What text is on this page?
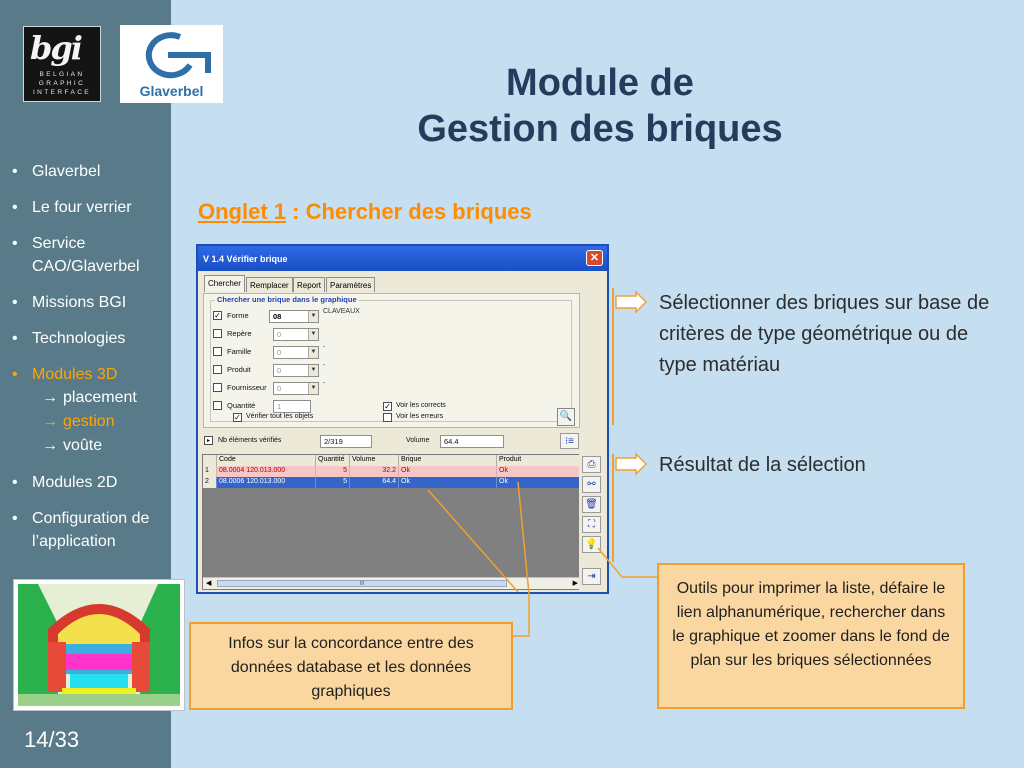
bgi
BELGIAN
GRAPHIC
INTERFACE	Glaverbel
• Glaverbel
• Le four verrier
• Service CAO/Glaverbel
• Missions BGI
• Technologies
• Modules 3D
→ placement
→ gestion
→ voûte
• Modules 2D
• Configuration de l’application
14/33
Module de
Gestion des briques
Onglet 1 : Chercher des briques
V 1.4 Vérifier brique	✕
Chercher	Remplacer	Report	Paramètres
Chercher une brique dans le graphique
✓ Forme	08	▼
CLAVEAUX
Repère	0	▼
Famille	0	▼
-
Produit	0	▼
-
Fournisseur	0	▼
-
Quantité	1
✓ Vérifier tout les objets
✓ Voir les corrects
Voir les erreurs	🔍
▸	Nb éléments vérifiés	2/319	Volume	64.4	⁝≡
Code	Quantité	Volume	Brique	Produit
1	08.0004 120.013.000	5	32.2 Ok	Ok
2	08.0006 120.013.000	5	64.4 Ok	Ok
◀	III	▶
⎙
⚯
🗑
⛶
💡
⇥
Sélectionner des briques sur base de critères de type géométrique ou de type matériau
Résultat de la sélection
Outils pour imprimer la liste, défaire le lien alphanumérique, rechercher dans le graphique et zoomer dans le fond de plan sur les briques sélectionnées
Infos sur la concordance entre des données database et les données graphiques
